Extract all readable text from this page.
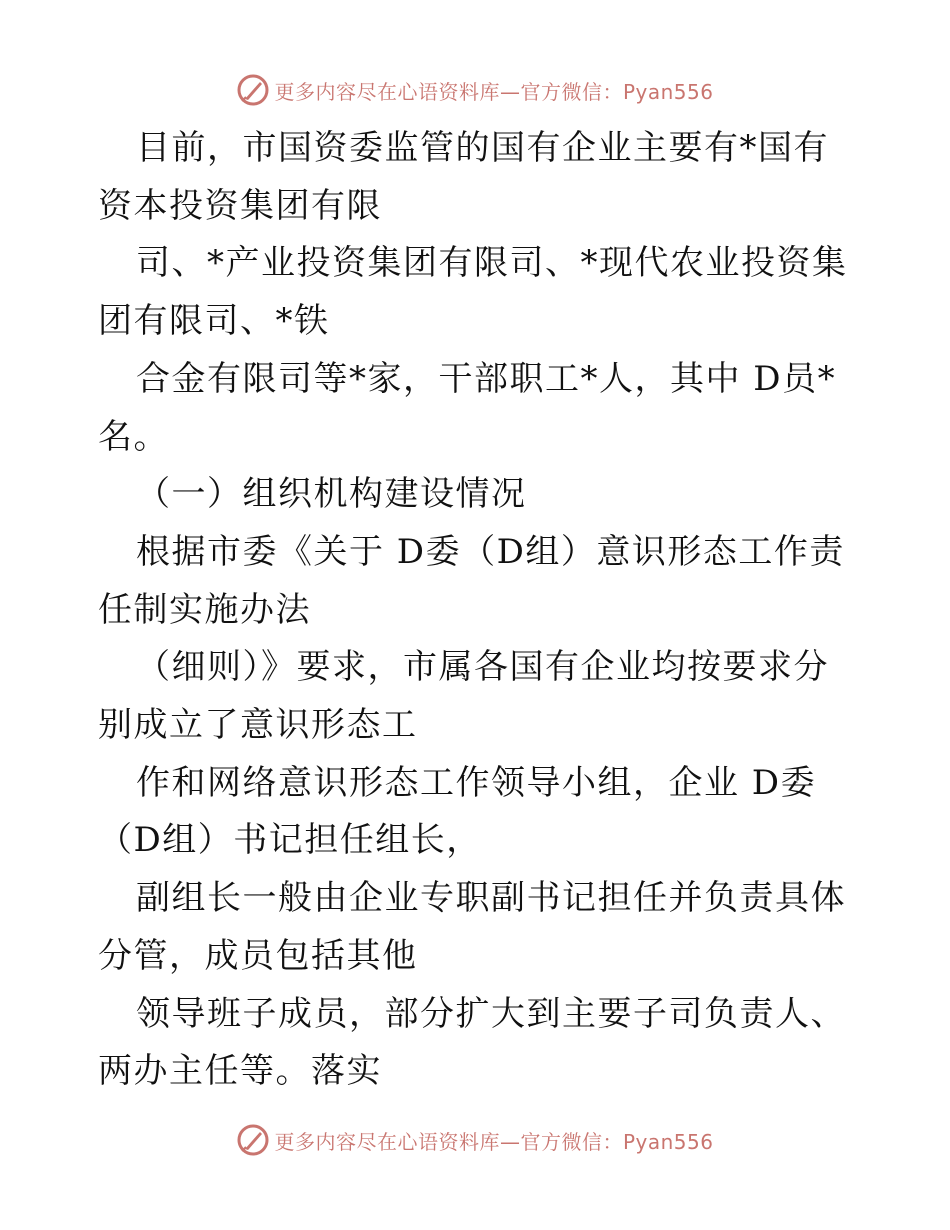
更多内容尽在心语资料库—官方微信：Pyan556

目前，市国资委监管的国有企业主要有*国有资本投资集团有限

司、*产业投资集团有限司、*现代农业投资集团有限司、*铁

合金有限司等*家，干部职工*人，其中 D员*名。

（一）组织机构建设情况

根据市委《关于 D委（D组）意识形态工作责任制实施办法

（细则）》要求，市属各国有企业均按要求分别成立了意识形态工

作和网络意识形态工作领导小组，企业 D委（D组）书记担任组长，

副组长一般由企业专职副书记担任并负责具体分管，成员包括其他

领导班子成员，部分扩大到主要子司负责人、两办主任等。落实

更多内容尽在心语资料库—官方微信：Pyan556
